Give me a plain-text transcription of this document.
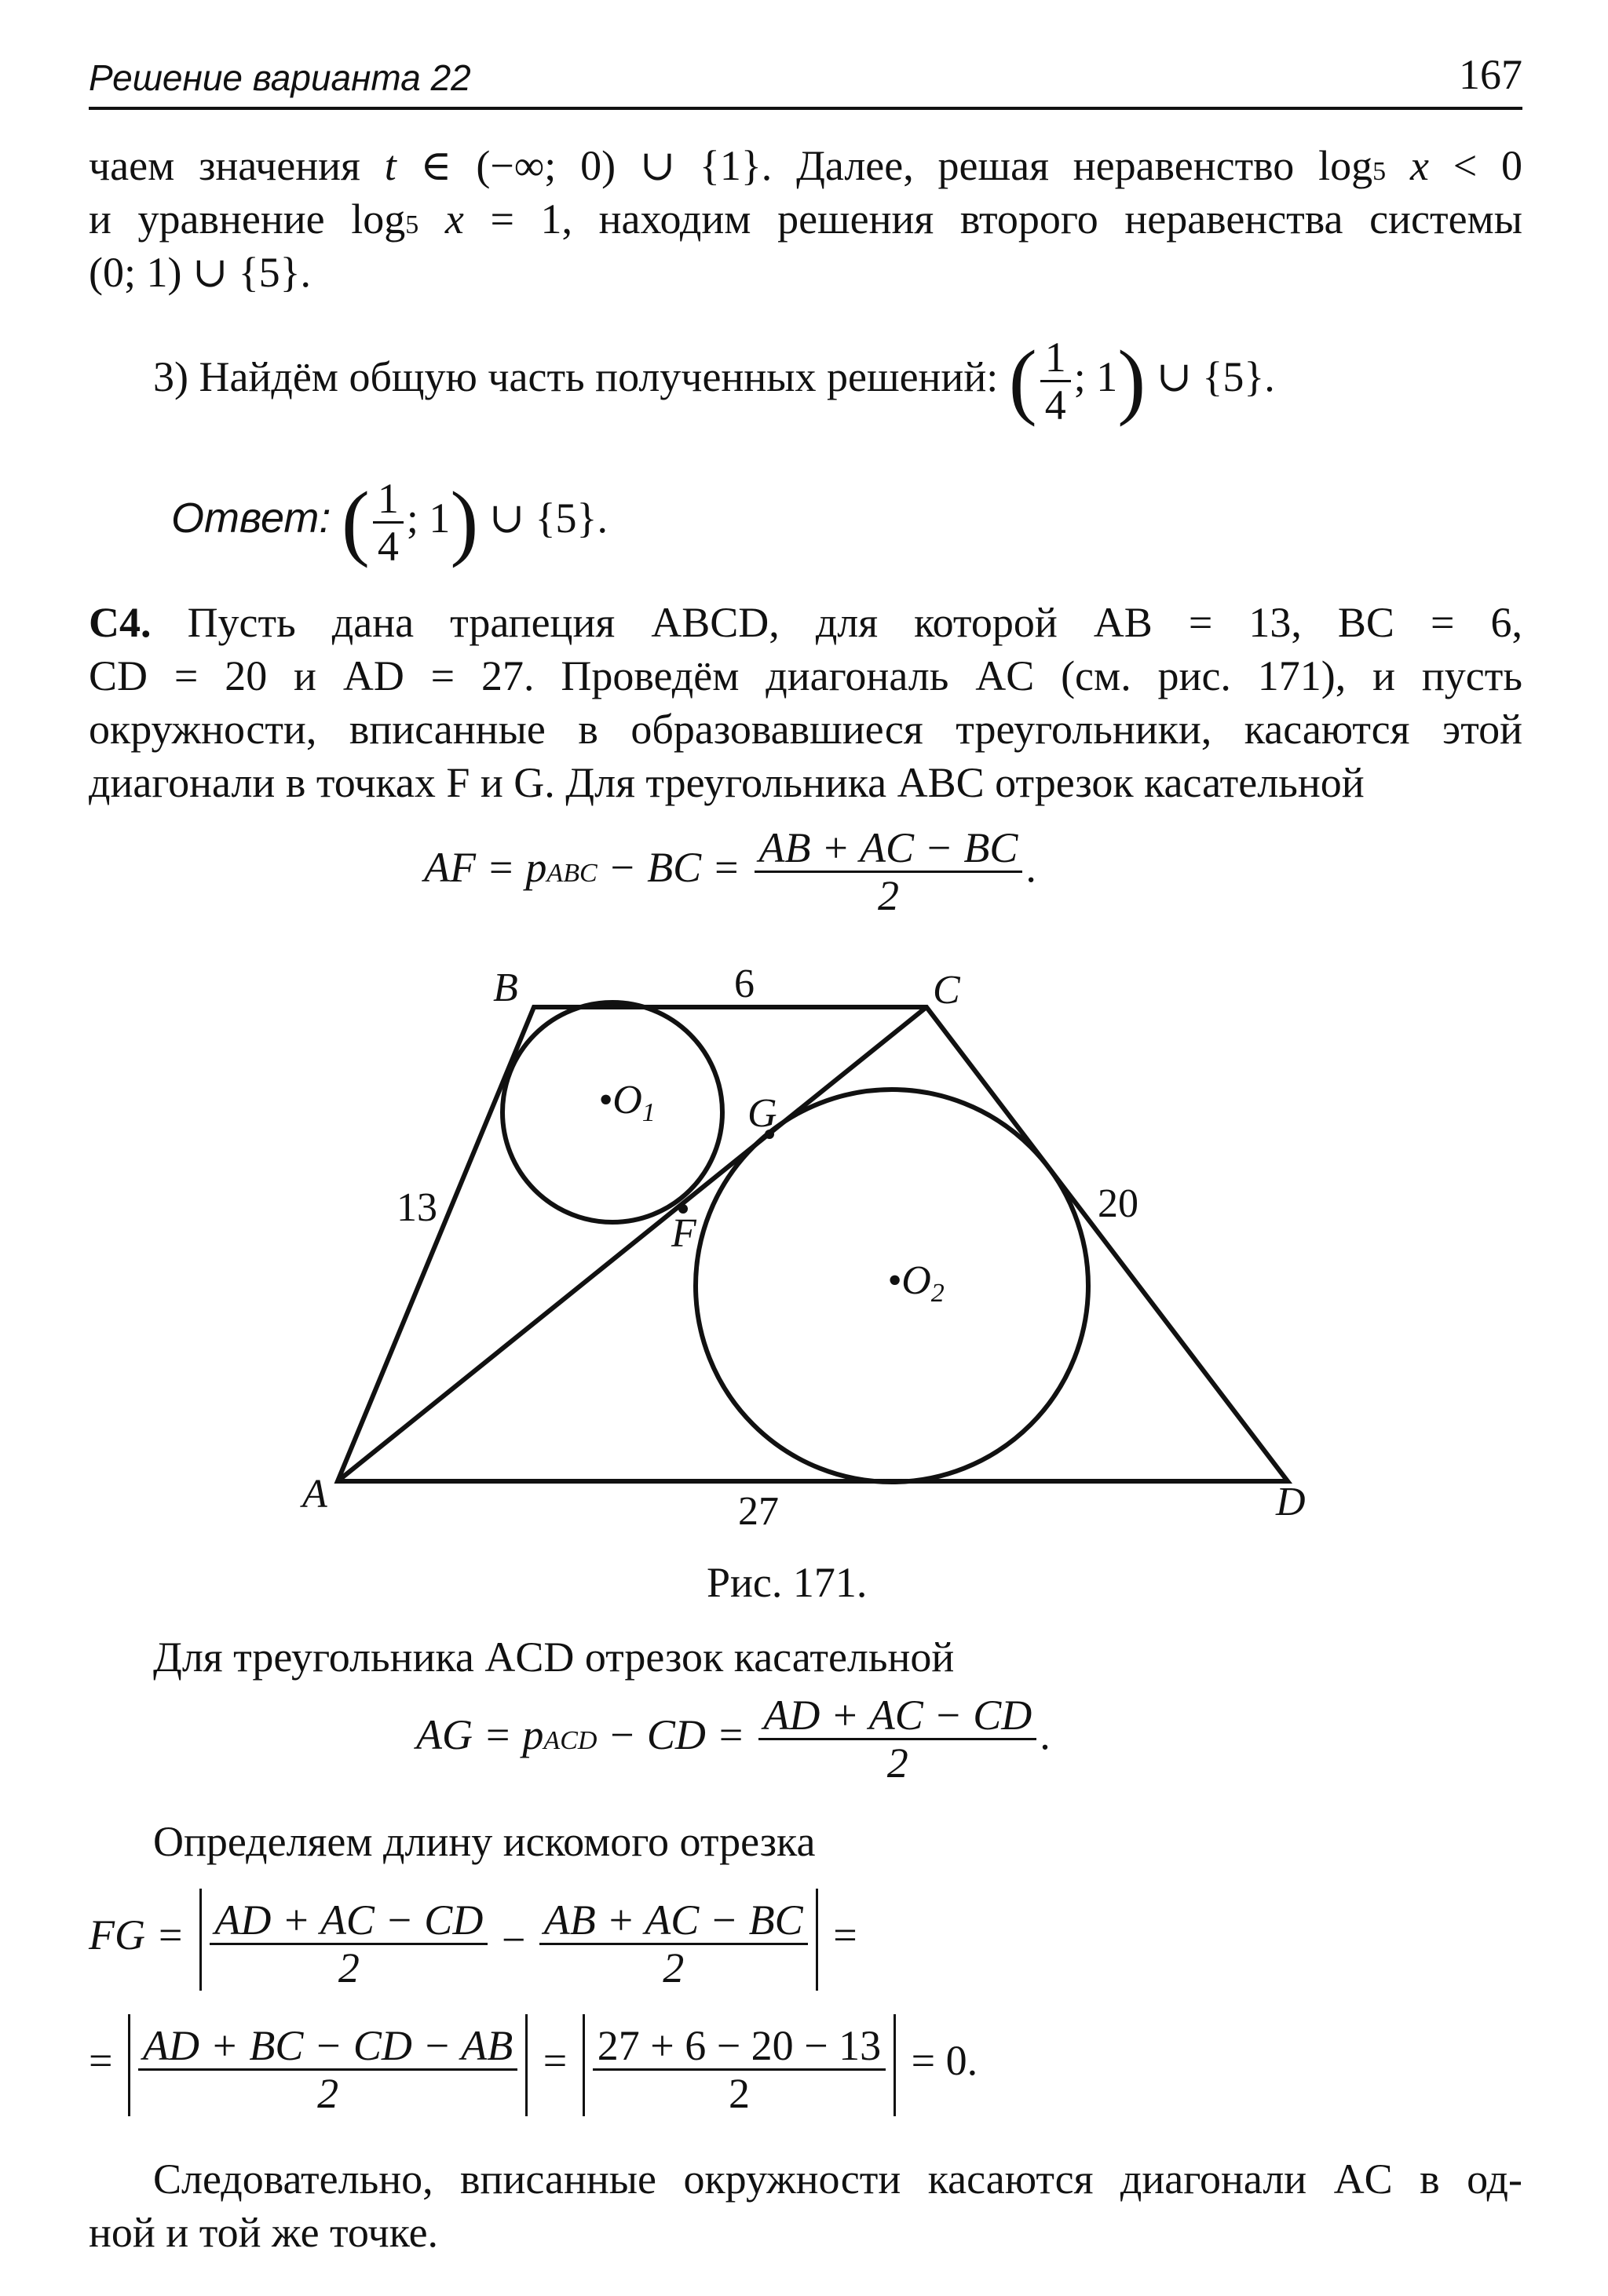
Решение варианта 22	167
чаем значения t ∈ (−∞; 0) ∪ {1}. Далее, решая неравенство log5 x < 0
и уравнение log5 x = 1, находим решения второго неравенства системы
(0; 1) ∪ {5}.
3) Найдём общую часть полученных решений: ( $\frac{1}{4}$ ; 1) ∪ {5}.
Ответ: ( $\frac{1}{4}$ ; 1) ∪ {5}.
C4. Пусть дана трапеция ABCD, для которой AB = 13, BC = 6,
CD = 20 и AD = 27. Проведём диагональ AC (см. рис. 171), и пусть
окружности, вписанные в образовавшиеся треугольники, касаются этой
диагонали в точках F и G. Для треугольника ABC отрезок касательной
AF = pABC − BC = $\frac{AB + AC - BC}{2}$ .
B	C
A	D
F
G
•O1
•O2
6
13	20
27
Рис. 171.
Для треугольника ACD отрезок касательной
AG = pACD − CD = $\frac{AD + AC - CD}{2}$ .
Определяем длину искомого отрезка
FG = $\frac{AD + AC - CD}{2} - \frac{AB + AC - BC}{2}$ =
= $\frac{AD + BC - CD - AB}{2} = \frac{27 + 6 - 20 - 13}{2} = 0$.
Следовательно, вписанные окружности касаются диагонали AC в од-
ной и той же точке.
